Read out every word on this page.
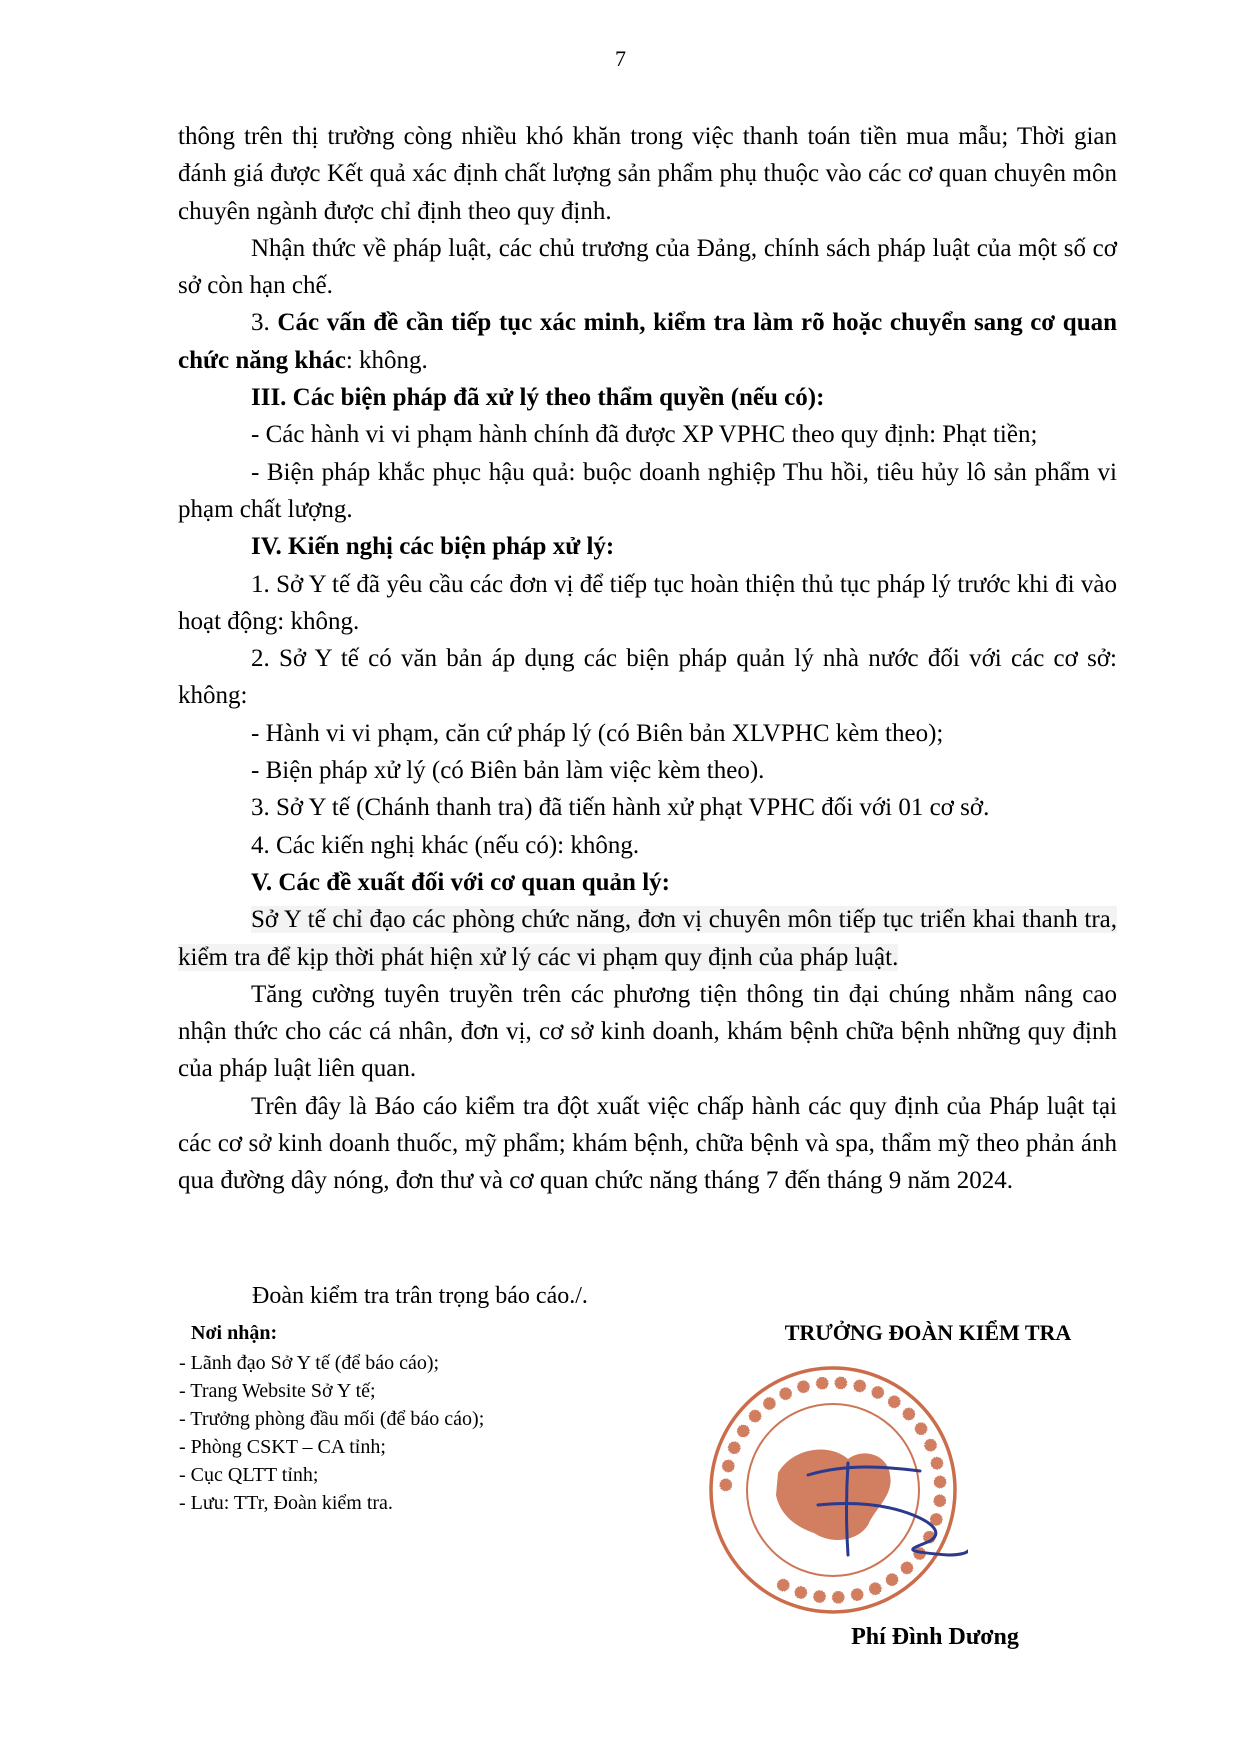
7

thông trên thị trường còng nhiều khó khăn trong việc thanh toán tiền mua mẫu; Thời gian đánh giá được Kết quả xác định chất lượng sản phẩm phụ thuộc vào các cơ quan chuyên môn chuyên ngành được chỉ định theo quy định.

Nhận thức về pháp luật, các chủ trương của Đảng, chính sách pháp luật của một số cơ sở còn hạn chế.

3. Các vấn đề cần tiếp tục xác minh, kiểm tra làm rõ hoặc chuyển sang cơ quan chức năng khác: không.

III. Các biện pháp đã xử lý theo thẩm quyền (nếu có):

- Các hành vi vi phạm hành chính đã được XP VPHC theo quy định: Phạt tiền;

- Biện pháp khắc phục hậu quả: buộc doanh nghiệp Thu hồi, tiêu hủy lô sản phẩm vi phạm chất lượng.

IV. Kiến nghị các biện pháp xử lý:

1. Sở Y tế đã yêu cầu các đơn vị để tiếp tục hoàn thiện thủ tục pháp lý trước khi đi vào hoạt động: không.

2. Sở Y tế có văn bản áp dụng các biện pháp quản lý nhà nước đối với các cơ sở: không:

- Hành vi vi phạm, căn cứ pháp lý (có Biên bản XLVPHC kèm theo);

- Biện pháp xử lý (có Biên bản làm việc kèm theo).

3. Sở Y tế (Chánh thanh tra) đã tiến hành xử phạt VPHC đối với 01 cơ sở.

4. Các kiến nghị khác (nếu có): không.

V. Các đề xuất đối với cơ quan quản lý:

Sở Y tế chỉ đạo các phòng chức năng, đơn vị chuyên môn tiếp tục triển khai thanh tra, kiểm tra để kịp thời phát hiện xử lý các vi phạm quy định của pháp luật.

Tăng cường tuyên truyền trên các phương tiện thông tin đại chúng nhằm nâng cao nhận thức cho các cá nhân, đơn vị, cơ sở kinh doanh, khám bệnh chữa bệnh những quy định của pháp luật liên quan.

Trên đây là Báo cáo kiểm tra đột xuất việc chấp hành các quy định của Pháp luật tại các cơ sở kinh doanh thuốc, mỹ phẩm; khám bệnh, chữa bệnh và spa, thẩm mỹ theo phản ánh qua đường dây nóng, đơn thư và cơ quan chức năng tháng 7 đến tháng 9 năm 2024.

Đoàn kiểm tra trân trọng báo cáo./.
Nơi nhận:
- Lãnh đạo Sở Y tế (để báo cáo);
- Trang Website Sở Y tế;
- Trưởng phòng đầu mối (để báo cáo);
- Phòng CSKT – CA tỉnh;
- Cục QLTT tỉnh;
- Lưu: TTr, Đoàn kiểm tra.
TRƯỞNG ĐOÀN KIỂM TRA
✱ ✱ ✱ ✱ ✱ ✱ ✱ ✱ ✱ ✱ ✱ ✱ ✱ ✱ ✱ ✱ ✱ ✱ ✱ ✱ ✱ ✱ ✱ ✱ ✱ ✱ ✱ ✱ ✱ ✱
Phí Đình Dương
